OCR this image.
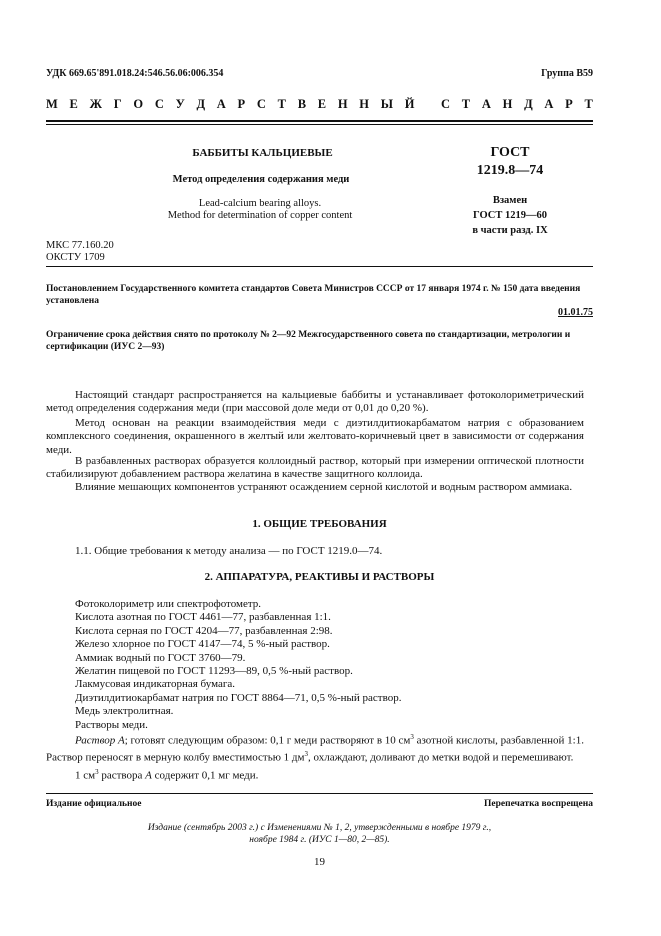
УДК 669.65'891.018.24:546.56.06:006.354	Группа В59
М Е Ж Г О С У Д А Р С Т В Е Н Н Ы Й
С Т А Н Д А Р Т
БАББИТЫ КАЛЬЦИЕВЫЕ
Метод определения содержания меди
Lead-calcium bearing alloys.
Method for determination of copper content
ГОСТ
1219.8—74
Взамен
ГОСТ 1219—60
в части разд. IX
МКС 77.160.20
ОКСТУ 1709
Постановлением Государственного комитета стандартов Совета Министров СССР от 17 января 1974 г. № 150 дата введения установлена
01.01.75
Ограничение срока действия снято по протоколу № 2—92 Межгосударственного совета по стандартизации, метрологии и сертификации (ИУС 2—93)
Настоящий стандарт распространяется на кальциевые баббиты и устанавливает фотоколориметрический метод определения содержания меди (при массовой доле меди от 0,01 до 0,20 %).
Метод основан на реакции взаимодействия меди с диэтилдитиокарбаматом натрия с образованием комплексного соединения, окрашенного в желтый или желтовато-коричневый цвет в зависимости от содержания меди.
В разбавленных растворах образуется коллоидный раствор, который при измерении оптической плотности стабилизируют добавлением раствора желатина в качестве защитного коллоида.
Влияние мешающих компонентов устраняют осаждением серной кислотой и водным раствором аммиака.
1. ОБЩИЕ ТРЕБОВАНИЯ
1.1. Общие требования к методу анализа — по ГОСТ 1219.0—74.
2. АППАРАТУРА, РЕАКТИВЫ И РАСТВОРЫ
Фотоколориметр или спектрофотометр.
Кислота азотная по ГОСТ 4461—77, разбавленная 1:1.
Кислота серная по ГОСТ 4204—77, разбавленная 2:98.
Железо хлорное по ГОСТ 4147—74, 5 %-ный раствор.
Аммиак водный по ГОСТ 3760—79.
Желатин пищевой по ГОСТ 11293—89, 0,5 %-ный раствор.
Лакмусовая индикаторная бумага.
Диэтилдитиокарбамат натрия по ГОСТ 8864—71, 0,5 %-ный раствор.
Медь электролитная.
Растворы меди.
Раствор А; готовят следующим образом: 0,1 г меди растворяют в 10 $см^3$ азотной кислоты, разбавленной 1:1. Раствор переносят в мерную колбу вместимостью 1 $дм^3$, охлаждают, доливают до метки водой и перемешивают.
1 $см^3$ раствора А содержит 0,1 мг меди.
Издание официальное	Перепечатка воспрещена
Издание (сентябрь 2003 г.) с Изменениями № 1, 2, утвержденными в ноябре 1979 г.,
ноябре 1984 г. (ИУС 1—80, 2—85).
19
